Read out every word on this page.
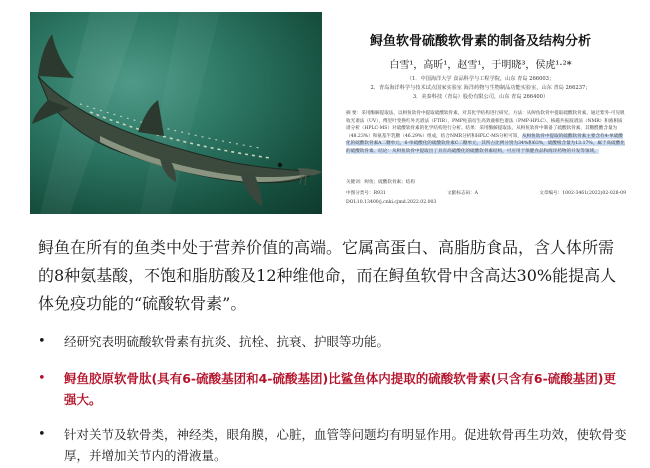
鲟鱼软骨硫酸软骨素的制备及结构分析
白雪¹，高昕¹，赵雪¹，于明晓³，侯虎¹·²*
（1．中国海洋大学 食品科学与工程学院，山东 青岛 266003；
2．青岛海洋科学与技术试点国家实验室 海洋药物与生物制品功能实验室，山东 青岛 266237；
3．美泰科技（青岛）股份有限公司，山东 青岛 266400）
摘 要：采用酶解提取法，以鲟鱼软骨中提取硫酸软骨素，对其化学结构进行研究。方法：从鲟鱼软骨中提取硫酸软骨素，通过紫外-可见吸收光谱法（UV），傅里叶变换红外光谱法（FTIR），PMP柱前衍生高效液相色谱法（PMP-HPLC）、核磁共振波谱法（NMR）和液相质谱分析（HPLC-MS）对硫酸软骨素的化学结构进行分析。结果：采用酶解提取法，从鲟鱼软骨中制备了硫酸软骨素，其糖醛酸含量为（48.23%）和氨基半乳糖（46.29%）组成，结合NMR分析和HPLC-MS分析可知，从鲟鱼软骨中提取的硫酸软骨素主要含有4-单硫酸化的硫酸软骨素A二糖单元，6-单硫酸化的硫酸软骨素C二糖单元，其所占比例分别为34%和63%，硫酸根含量为13.17%，属于高硫酸化的硫酸软骨素。结论：从鲟鱼软骨中提取出了具有高硫酸化的硫酸软骨素结构，可应用于保健食品和海洋药物的开发等领域。
关键词：鲟鱼；硫酸软骨素；结构
中图分类号：R931	文献标志码：A	文章编号：1002-3461(2022)02-028-09
DOI:10.13400/j.cnki.cjmd.2022.02.003
鲟鱼在所有的鱼类中处于营养价值的高端。它属高蛋白、高脂肪食品，含人体所需的8种氨基酸，不饱和脂肪酸及12种维他命，而在鲟鱼软骨中含高达30%能提高人体免疫功能的“硫酸软骨素”。
• 经研究表明硫酸软骨素有抗炎、抗栓、抗衰、护眼等功能。
• 鲟鱼胶原软骨肽(具有6-硫酸基团和4-硫酸基团)比鲨鱼体内提取的硫酸软骨素(只含有6-硫酸基团)更强大。
• 针对关节及软骨类，神经类，眼角膜，心脏，血管等问题均有明显作用。促进软骨再生功效，使软骨变厚，并增加关节内的滑液量。
